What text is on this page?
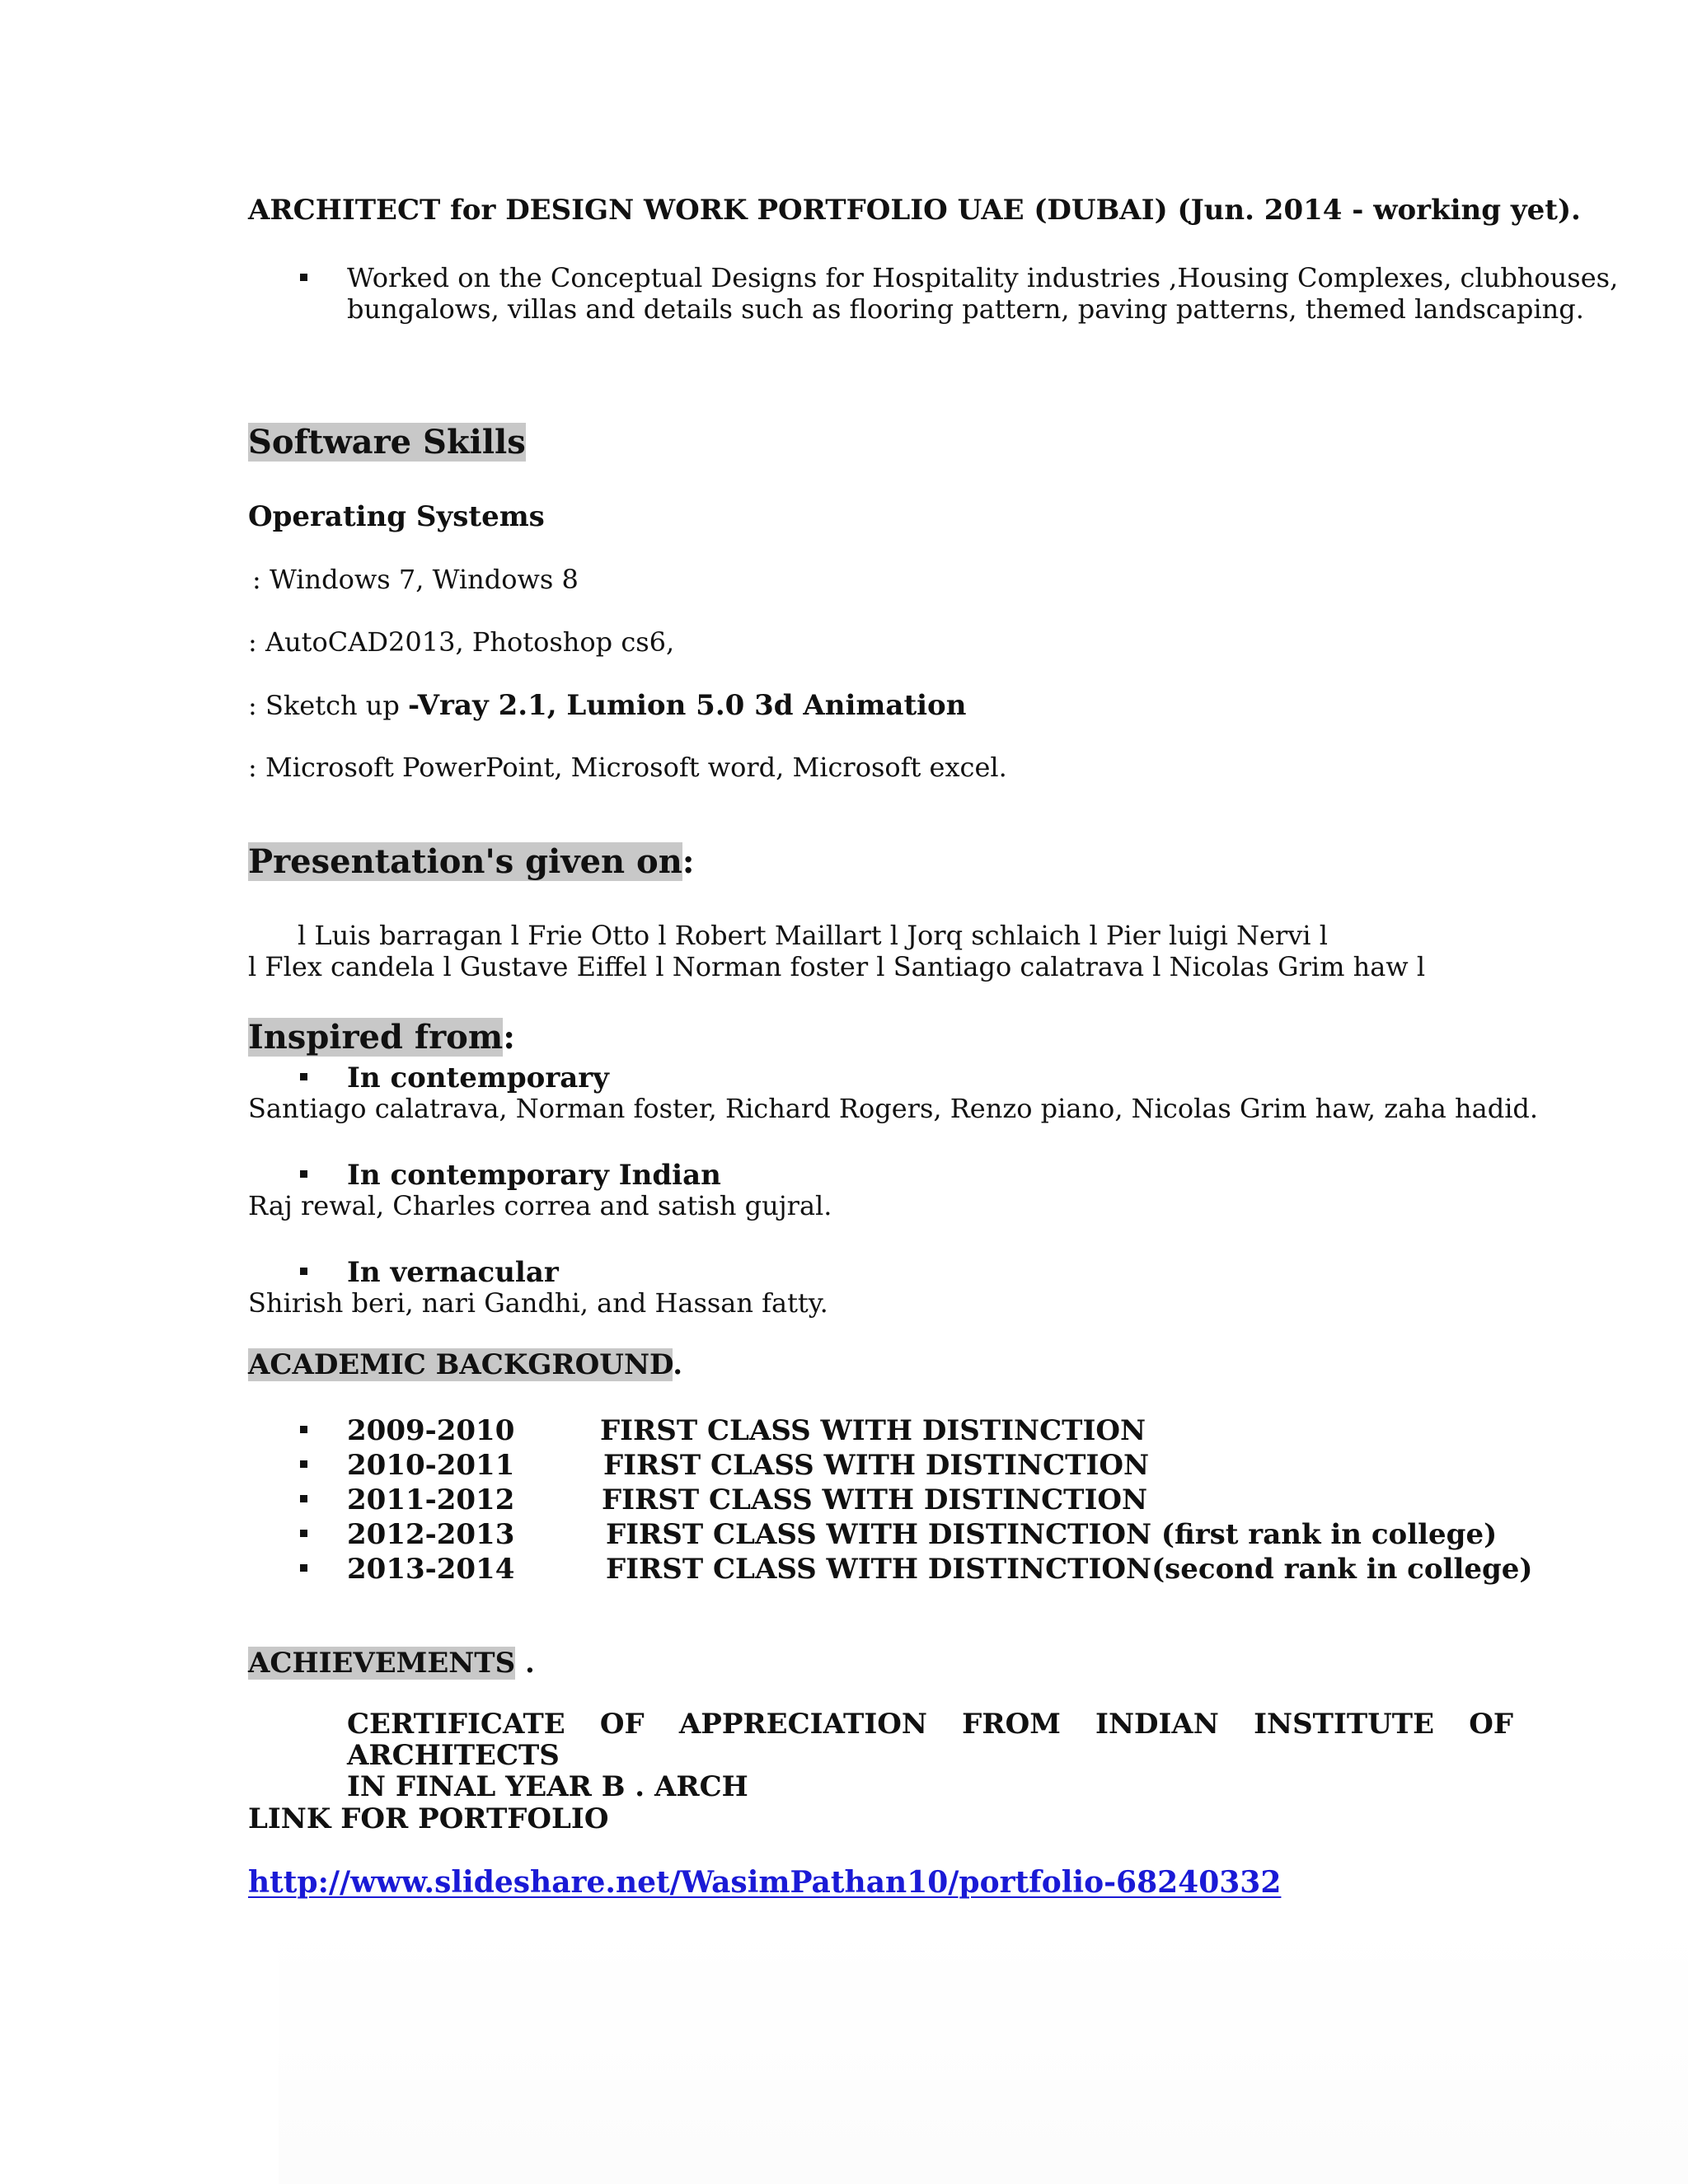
ARCHITECT for DESIGN WORK PORTFOLIO UAE (DUBAI) (Jun. 2014 - working yet).
Worked on the Conceptual Designs for Hospitality industries ,Housing Complexes, clubhouses,
bungalows, villas and details such as flooring pattern, paving patterns, themed landscaping.
Software Skills
Operating Systems
: Windows 7, Windows 8
: AutoCAD2013, Photoshop cs6,
: Sketch up -Vray 2.1, Lumion 5.0 3d Animation
: Microsoft PowerPoint, Microsoft word, Microsoft excel.
Presentation's given on:
l Luis barragan l Frie Otto l Robert Maillart l Jorq schlaich l Pier luigi Nervi l
l Flex candela l Gustave Eiffel l Norman foster l Santiago calatrava l Nicolas Grim haw l
Inspired from:
In contemporary
Santiago calatrava, Norman foster, Richard Rogers, Renzo piano, Nicolas Grim haw, zaha hadid.
In contemporary Indian
Raj rewal, Charles correa and satish gujral.
In vernacular
Shirish beri, nari Gandhi, and Hassan fatty.
ACADEMIC BACKGROUND.
2009-2010	FIRST CLASS WITH DISTINCTION
2010-2011	FIRST CLASS WITH DISTINCTION
2011-2012	FIRST CLASS WITH DISTINCTION
2012-2013	FIRST CLASS WITH DISTINCTION (first rank in college)
2013-2014	FIRST CLASS WITH DISTINCTION(second rank in college)
ACHIEVEMENTS .
CERTIFICATE OF APPRECIATION FROM INDIAN INSTITUTE OF ARCHITECTS
IN FINAL YEAR B . ARCH
LINK FOR PORTFOLIO
http://www.slideshare.net/WasimPathan10/portfolio-68240332
